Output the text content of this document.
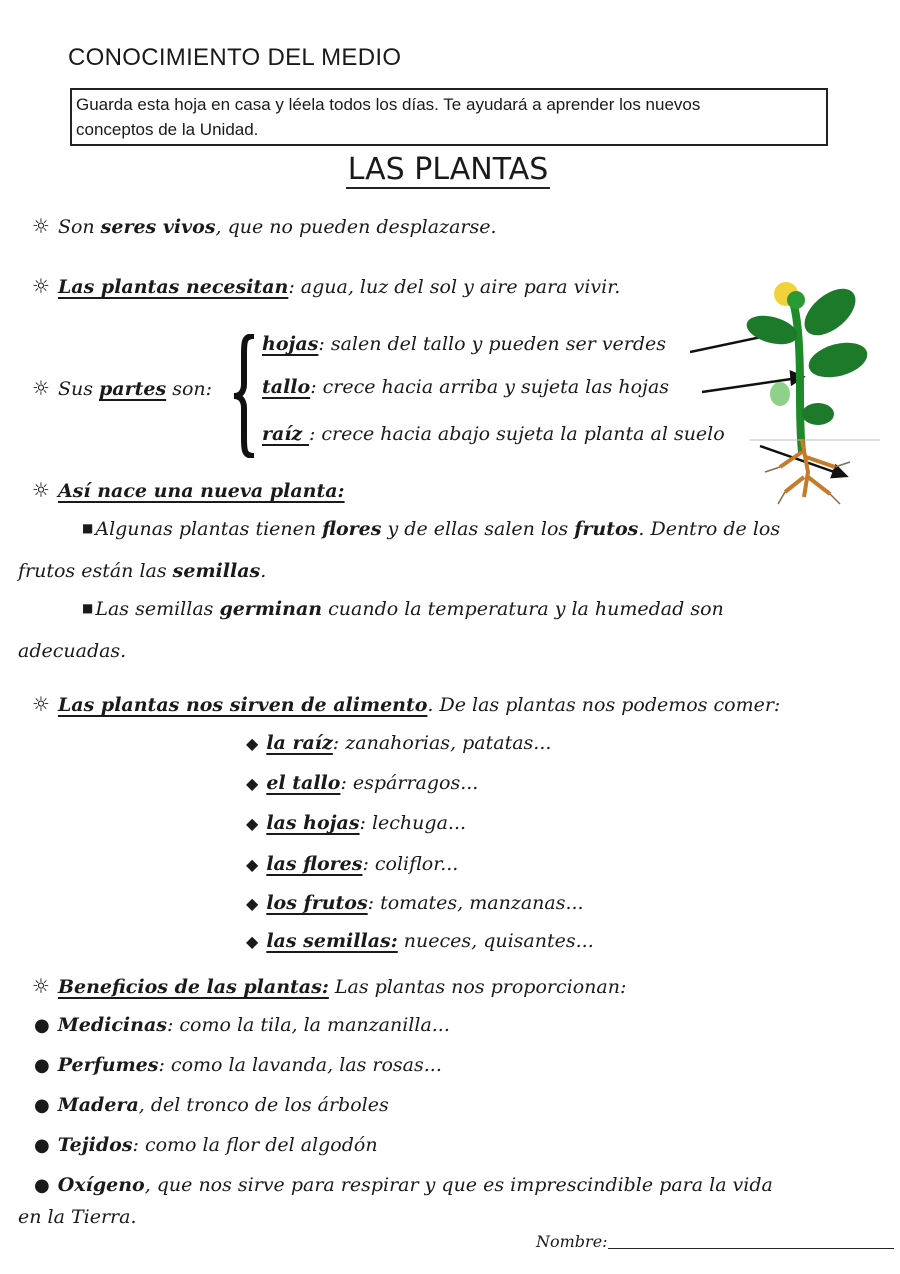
CONOCIMIENTO DEL MEDIO
Guarda esta hoja en casa y léela todos los días. Te ayudará a aprender los nuevos
conceptos de la Unidad.
LAS PLANTAS
☼ Son seres vivos, que no pueden desplazarse.
☼ Las plantas necesitan: agua, luz del sol y aire para vivir.
☼ Sus partes son:
hojas: salen del tallo y pueden ser verdes
tallo: crece hacia arriba y sujeta las hojas
raíz : crece hacia abajo sujeta la planta al suelo
☼ Así nace una nueva planta:
■ Algunas plantas tienen flores y de ellas salen los frutos. Dentro de los
frutos están las semillas.
■ Las semillas germinan cuando la temperatura y la humedad son
adecuadas.
☼ Las plantas nos sirven de alimento. De las plantas nos podemos comer:
◆ la raíz: zanahorias, patatas...
◆ el tallo: espárragos...
◆ las hojas: lechuga...
◆ las flores: coliflor...
◆ los frutos: tomates, manzanas...
◆ las semillas: nueces, quisantes...
☼ Beneficios de las plantas: Las plantas nos proporcionan:
● Medicinas: como la tila, la manzanilla...
● Perfumes: como la lavanda, las rosas...
● Madera, del tronco de los árboles
● Tejidos: como la flor del algodón
● Oxígeno, que nos sirve para respirar y que es imprescindible para la vida
en la Tierra.
Nombre:
